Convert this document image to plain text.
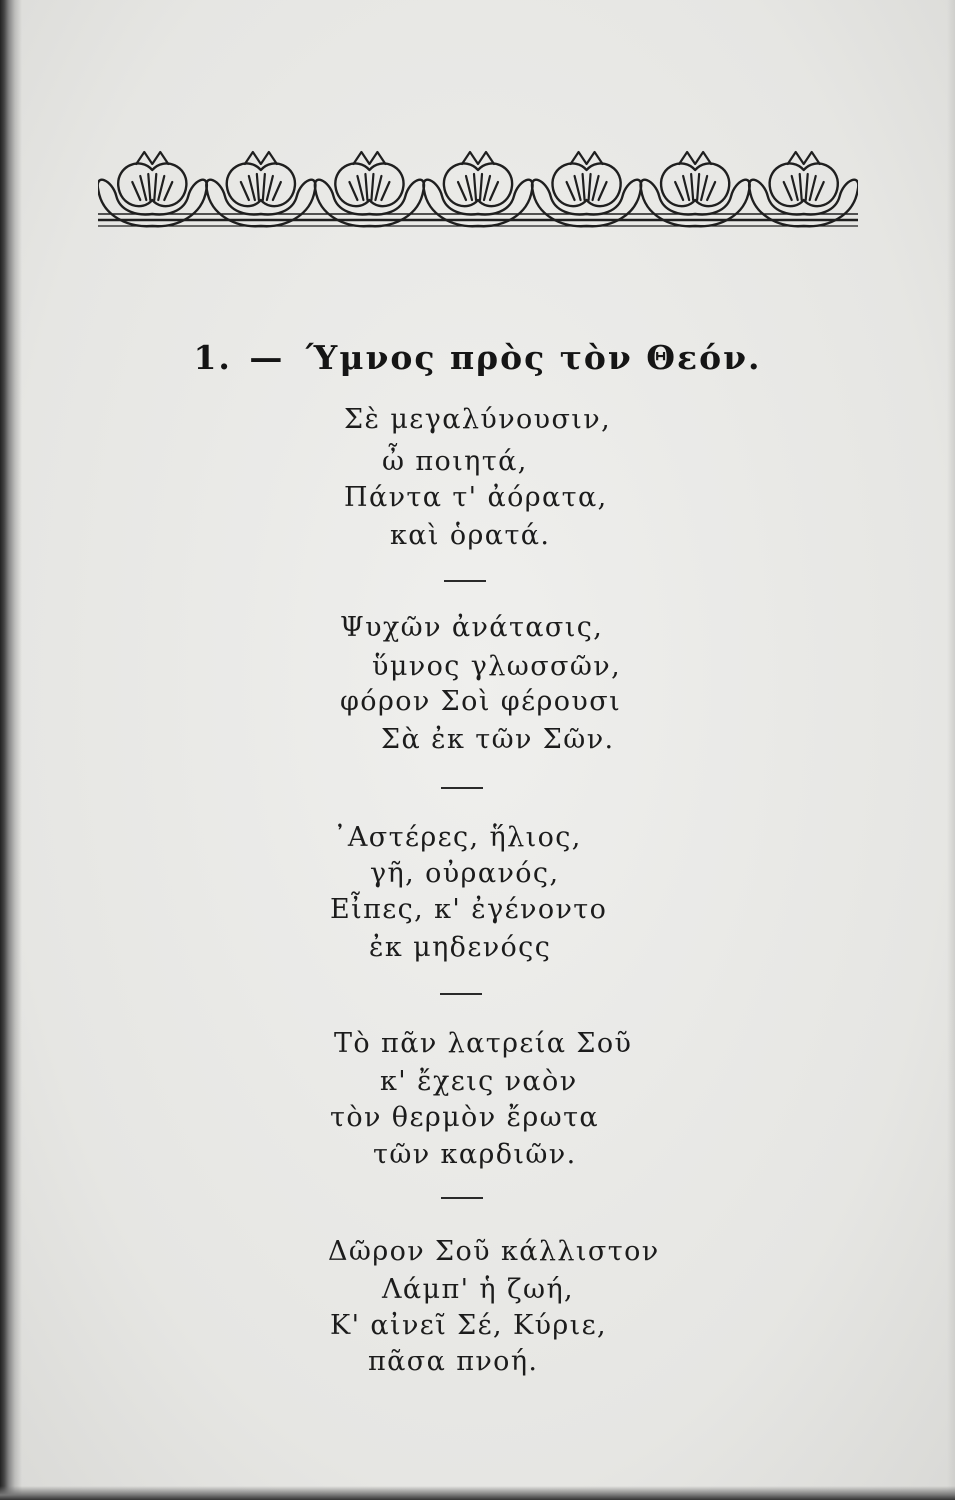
1. — Ύμνος πρὸς τὸν Θεόν.
Σὲ μεγαλύνουσιν,
ὦ ποιητά,
Πάντα τ' ἀόρατα,
καὶ ὁρατά.
Ψυχῶν ἀνάτασις,
ὕμνος γλωσσῶν,
φόρον Σοὶ φέρουσι
Σὰ ἐκ τῶν Σῶν.
᾽Αστέρες, ἥλιος,
γῆ, οὐρανός,
Εἶπες, κ' ἐγένοντο
ἐκ μηδενόςς
Τὸ πᾶν λατρεία Σοῦ
κ' ἔχεις ναὸν
τὸν θερμὸν ἔρωτα
τῶν καρδιῶν.
Δῶρον Σοῦ κάλλιστον
Λάμπ' ἡ ζωή,
Κ' αἰνεῖ Σέ, Κύριε,
πᾶσα πνοή.
